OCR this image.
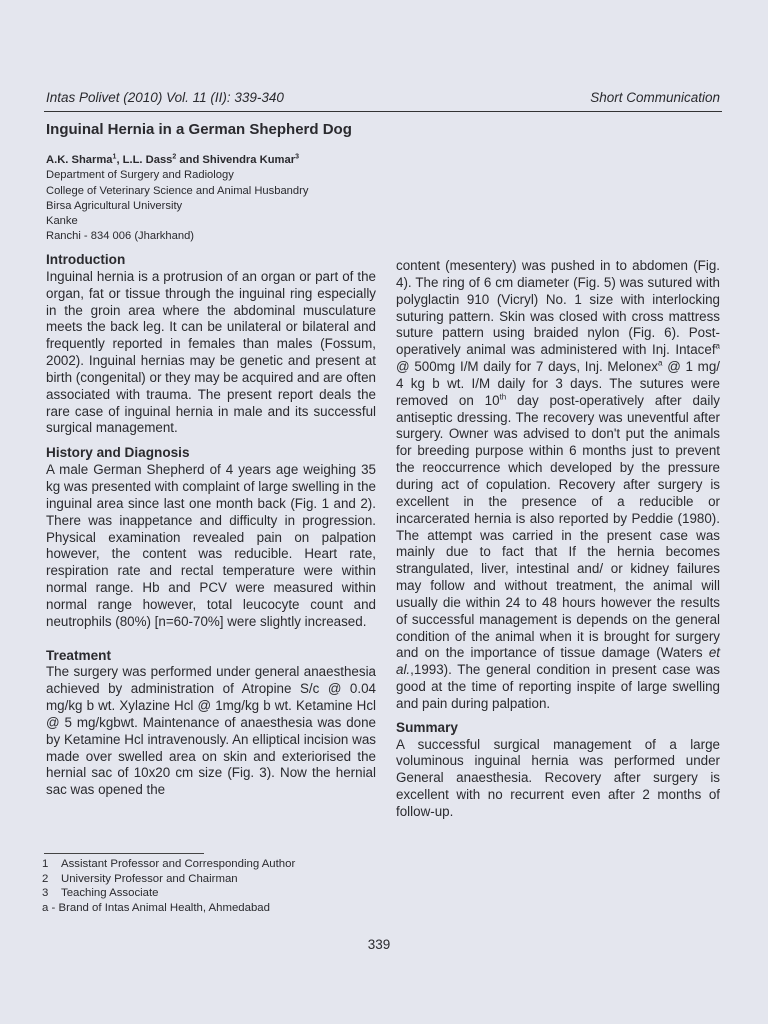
Intas Polivet (2010) Vol. 11 (II): 339-340	Short Communication
Inguinal Hernia in a German Shepherd Dog
A.K. Sharma$^1$, L.L. Dass$^2$ and Shivendra Kumar$^3$
Department of Surgery and Radiology
College of Veterinary Science and Animal Husbandry
Birsa Agricultural University
Kanke
Ranchi - 834 006 (Jharkhand)
Introduction

Inguinal hernia is a protrusion of an organ or part of the organ, fat or tissue through the inguinal ring especially in the groin area where the abdominal musculature meets the back leg. It can be unilateral or bilateral and frequently reported in females than males (Fossum, 2002). Inguinal hernias may be genetic and present at birth (congenital) or they may be acquired and are often associated with trauma. The present report deals the rare case of inguinal hernia in male and its successful surgical management.

History and Diagnosis

A male German Shepherd of 4 years age weighing 35 kg was presented with complaint of large swelling in the inguinal area since last one month back (Fig. 1 and 2). There was inappetance and difficulty in progression. Physical examination revealed pain on palpation however, the content was reducible. Heart rate, respiration rate and rectal temperature were within normal range. Hb and PCV were measured within normal range however, total leucocyte count and neutrophils (80%) [n=60-70%] were slightly increased.

Treatment

The surgery was performed under general anaesthesia achieved by administration of Atropine S/c @ 0.04 mg/kg b wt. Xylazine Hcl @ 1mg/kg b wt. Ketamine Hcl @ 5 mg/kgbwt. Maintenance of anaesthesia was done by Ketamine Hcl intravenously. An elliptical incision was made over swelled area on skin and exteriorised the hernial sac of 10x20 cm size (Fig. 3). Now the hernial sac was opened the

content (mesentery) was pushed in to abdomen (Fig. 4). The ring of 6 cm diameter (Fig. 5) was sutured with polyglactin 910 (Vicryl) No. 1 size with interlocking suturing pattern. Skin was closed with cross mattress suture pattern using braided nylon (Fig. 6). Post-operatively animal was administered with Inj. Intacef$^a$ @ 500mg I/M daily for 7 days, Inj. Melonex$^a$ @ 1 mg/ 4 kg b wt. I/M daily for 3 days. The sutures were removed on 10th day post-operatively after daily antiseptic dressing. The recovery was uneventful after surgery. Owner was advised to don't put the animals for breeding purpose within 6 months just to prevent the reoccurrence which developed by the pressure during act of copulation. Recovery after surgery is excellent in the presence of a reducible or incarcerated hernia is also reported by Peddie (1980). The attempt was carried in the present case was mainly due to fact that If the hernia becomes strangulated, liver, intestinal and/ or kidney failures may follow and without treatment, the animal will usually die within 24 to 48 hours however the results of successful management is depends on the general condition of the animal when it is brought for surgery and on the importance of tissue damage (Waters et al.,1993). The general condition in present case was good at the time of reporting inspite of large swelling and pain during palpation.

Summary

A successful surgical management of a large voluminous inguinal hernia was performed under General anaesthesia. Recovery after surgery is excellent with no recurrent even after 2 months of follow-up.

1	Assistant Professor and Corresponding Author
2	University Professor and Chairman
3	Teaching Associate
a -
Brand of Intas Animal Health, Ahmedabad
339
